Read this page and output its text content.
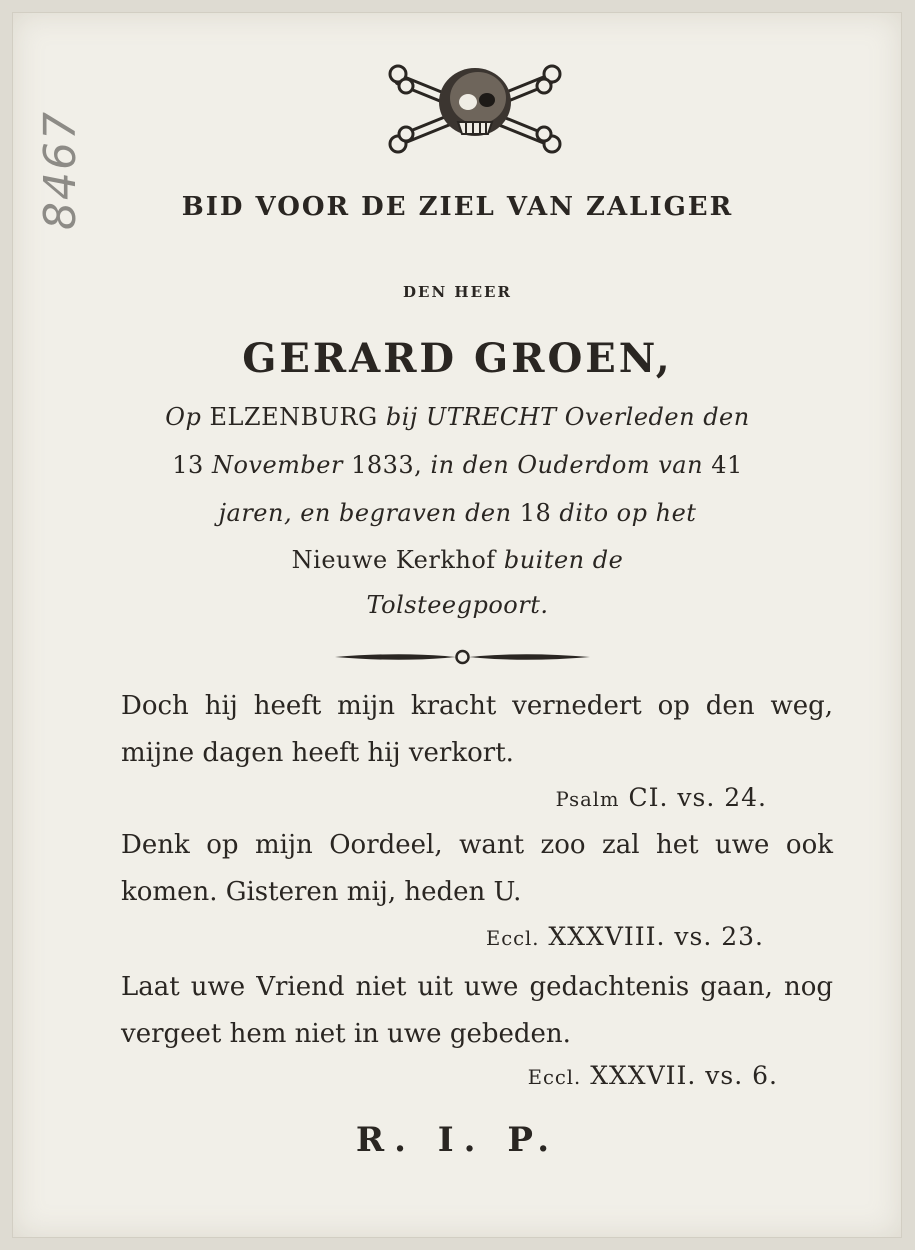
8467	BID VOOR DE ZIEL VAN ZALIGER
DEN HEER
GERARD GROEN,
Op ELZENBURG bij UTRECHT Overleden den
13 November 1833, in den Ouderdom van 41
jaren, en begraven den 18 dito op het
Nieuwe Kerkhof buiten de
Tolsteegpoort.
Doch hij heeft mijn kracht vernedert op den weg, mijne dagen heeft hij verkort.
Psalm CI. vs. 24.
Denk op mijn Oordeel, want zoo zal het uwe ook komen. Gisteren mij, heden U.
Eccl. XXXVIII. vs. 23.
Laat uwe Vriend niet uit uwe gedachtenis gaan, nog vergeet hem niet in uwe gebeden.
Eccl. XXXVII. vs. 6.
R. I. P.
